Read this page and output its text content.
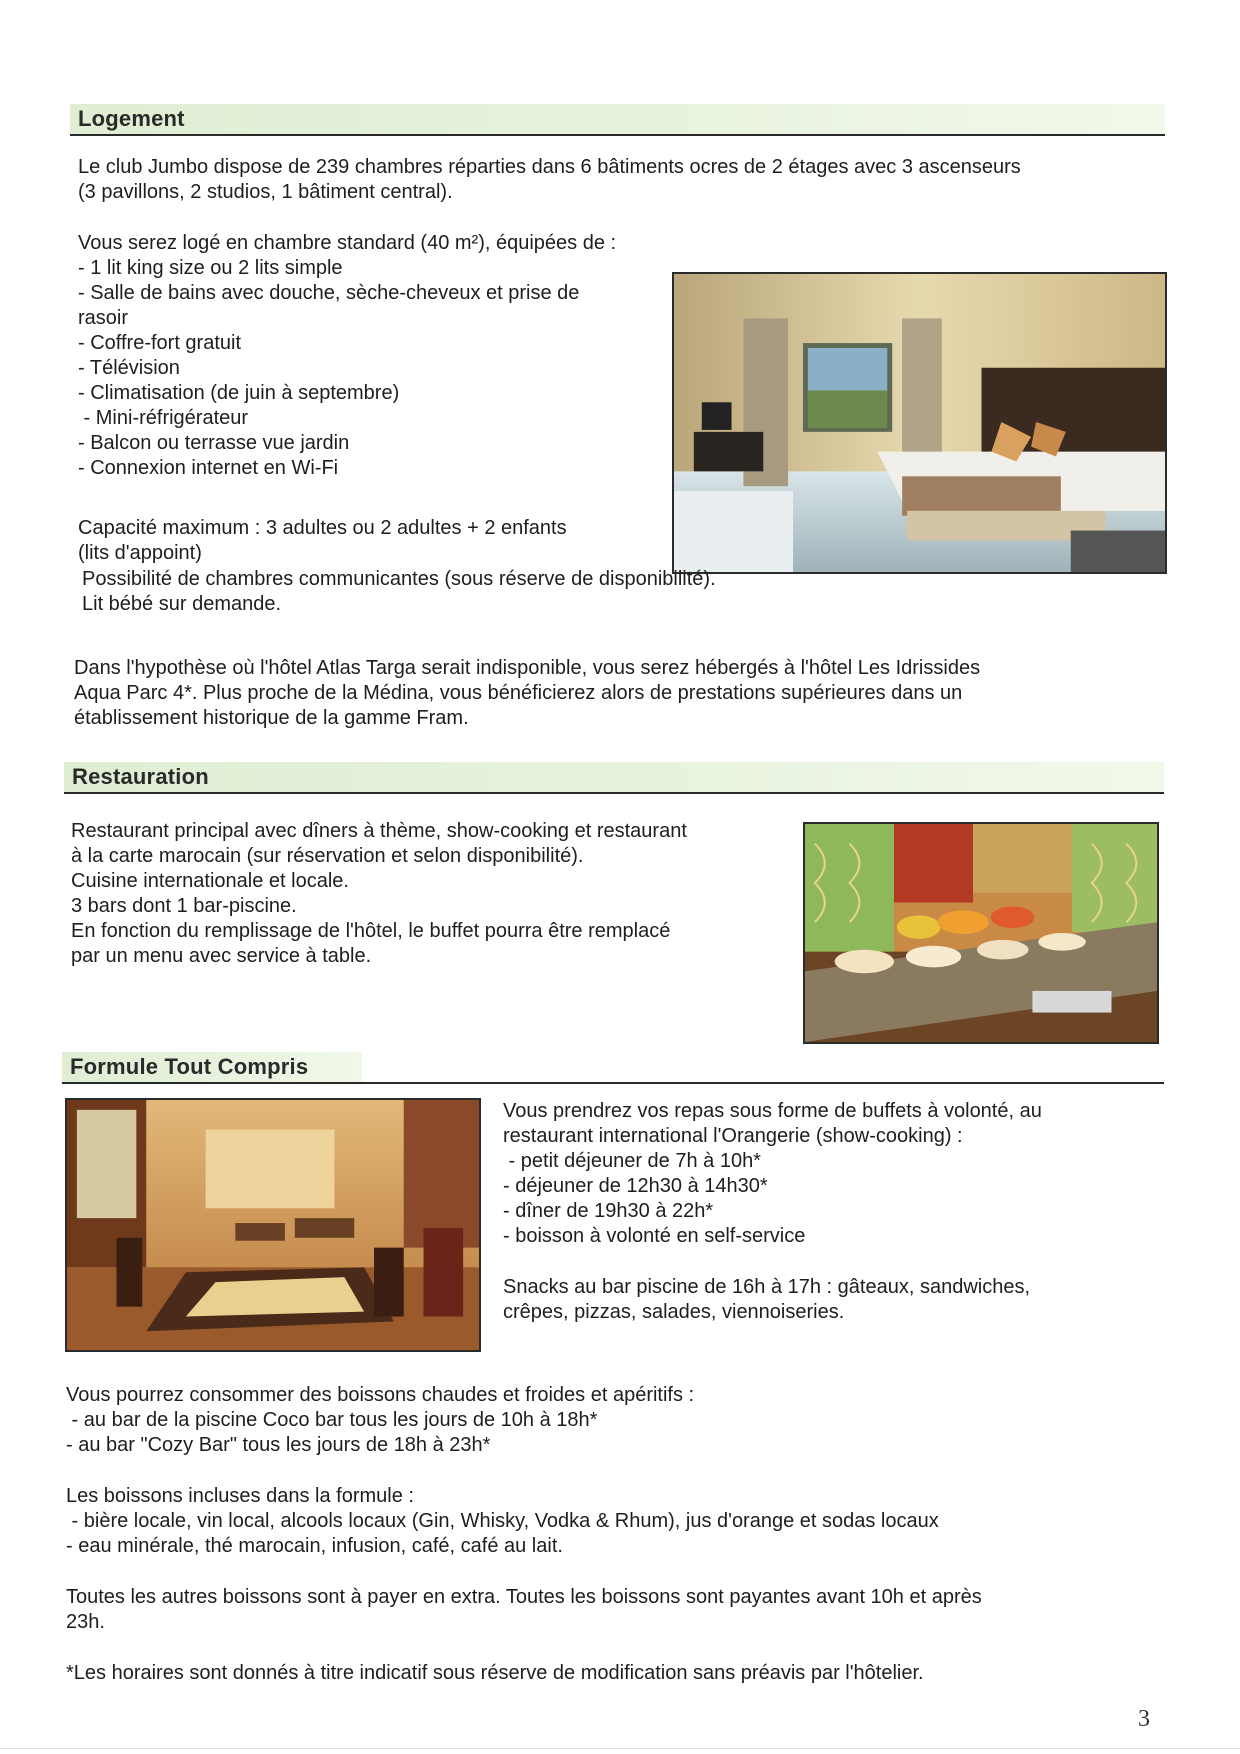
Logement

Le club Jumbo dispose de 239 chambres réparties dans 6 bâtiments ocres de 2 étages avec 3 ascenseurs

(3 pavillons, 2 studios, 1 bâtiment central).

Vous serez logé en chambre standard (40 m²), équipées de :

- 1 lit king size ou 2 lits simple

- Salle de bains avec douche, sèche-cheveux et prise de

rasoir

- Coffre-fort gratuit

- Télévision

- Climatisation (de juin à septembre)

- Mini-réfrigérateur

- Balcon ou terrasse vue jardin

- Connexion internet en Wi-Fi

Capacité maximum : 3 adultes ou 2 adultes + 2 enfants

(lits d'appoint)

Possibilité de chambres communicantes (sous réserve de disponibilité).

Lit bébé sur demande.

Dans l'hypothèse où l'hôtel Atlas Targa serait indisponible, vous serez hébergés à l'hôtel Les Idrissides

Aqua Parc 4*. Plus proche de la Médina, vous bénéficierez alors de prestations supérieures dans un

établissement historique de la gamme Fram.

Restauration

Restaurant principal avec dîners à thème, show-cooking et restaurant

à la carte marocain (sur réservation et selon disponibilité).

Cuisine internationale et locale.

3 bars dont 1 bar-piscine.

En fonction du remplissage de l'hôtel, le buffet pourra être remplacé

par un menu avec service à table.

Formule Tout Compris

Vous prendrez vos repas sous forme de buffets à volonté, au

restaurant international l'Orangerie (show-cooking) :

- petit déjeuner de 7h à 10h*

- déjeuner de 12h30 à 14h30*

- dîner de 19h30 à 22h*

- boisson à volonté en self-service

Snacks au bar piscine de 16h à 17h : gâteaux, sandwiches,

crêpes, pizzas, salades, viennoiseries.

Vous pourrez consommer des boissons chaudes et froides et apéritifs :

- au bar de la piscine Coco bar tous les jours de 10h à 18h*

- au bar "Cozy Bar" tous les jours de 18h à 23h*

Les boissons incluses dans la formule :

- bière locale, vin local, alcools locaux (Gin, Whisky, Vodka & Rhum), jus d'orange et sodas locaux

- eau minérale, thé marocain, infusion, café, café au lait.

Toutes les autres boissons sont à payer en extra. Toutes les boissons sont payantes avant 10h et après

23h.

*Les horaires sont donnés à titre indicatif sous réserve de modification sans préavis par l'hôtelier.

3
